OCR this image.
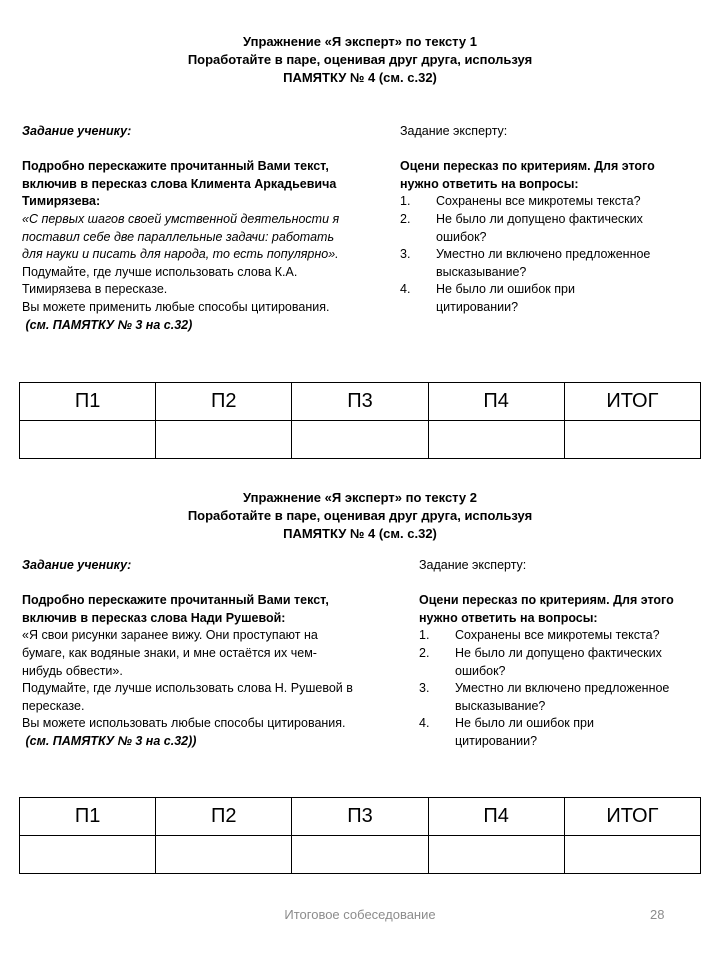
Упражнение «Я эксперт» по тексту 1
Поработайте в паре, оценивая друг друга, используя
ПАМЯТКУ № 4 (см. с.32)

Задание ученику:

Подробно перескажите прочитанный Вами текст,

включив в пересказ слова Климента Аркадьевича

Тимирязева:

«С первых шагов своей умственной деятельности я

поставил себе две параллельные задачи: работать

для науки и писать для народа, то есть популярно».

Подумайте, где лучше использовать слова К.А.

Тимирязева в пересказе.

Вы можете применить любые способы цитирования.

(см. ПАМЯТКУ № 3 на с.32)

Задание эксперту:

Оцени пересказ по критериям. Для этого

нужно ответить на вопросы:

1. Сохранены все микротемы текста?
2. Не было ли допущено фактических
ошибок?
3. Уместно ли включено предложенное
высказывание?
4. Не было ли ошибок при
цитировании?
П1	П2	П3	П4	ИТОГ

Упражнение «Я эксперт» по тексту 2
Поработайте в паре, оценивая друг друга, используя
ПАМЯТКУ № 4 (см. с.32)

Задание ученику:

Подробно перескажите прочитанный Вами текст,

включив в пересказ слова Нади Рушевой:

«Я свои рисунки заранее вижу. Они проступают на

бумаге, как водяные знаки, и мне остаётся их чем-

нибудь обвести».

Подумайте, где лучше использовать слова Н. Рушевой в

пересказе.

Вы можете использовать любые способы цитирования.

(см. ПАМЯТКУ № 3 на с.32))

Задание эксперту:

Оцени пересказ по критериям. Для этого

нужно ответить на вопросы:

1. Сохранены все микротемы текста?
2. Не было ли допущено фактических
ошибок?
3. Уместно ли включено предложенное
высказывание?
4. Не было ли ошибок при
цитировании?
П1	П2	П3	П4	ИТОГ

Итоговое собеседование	28
